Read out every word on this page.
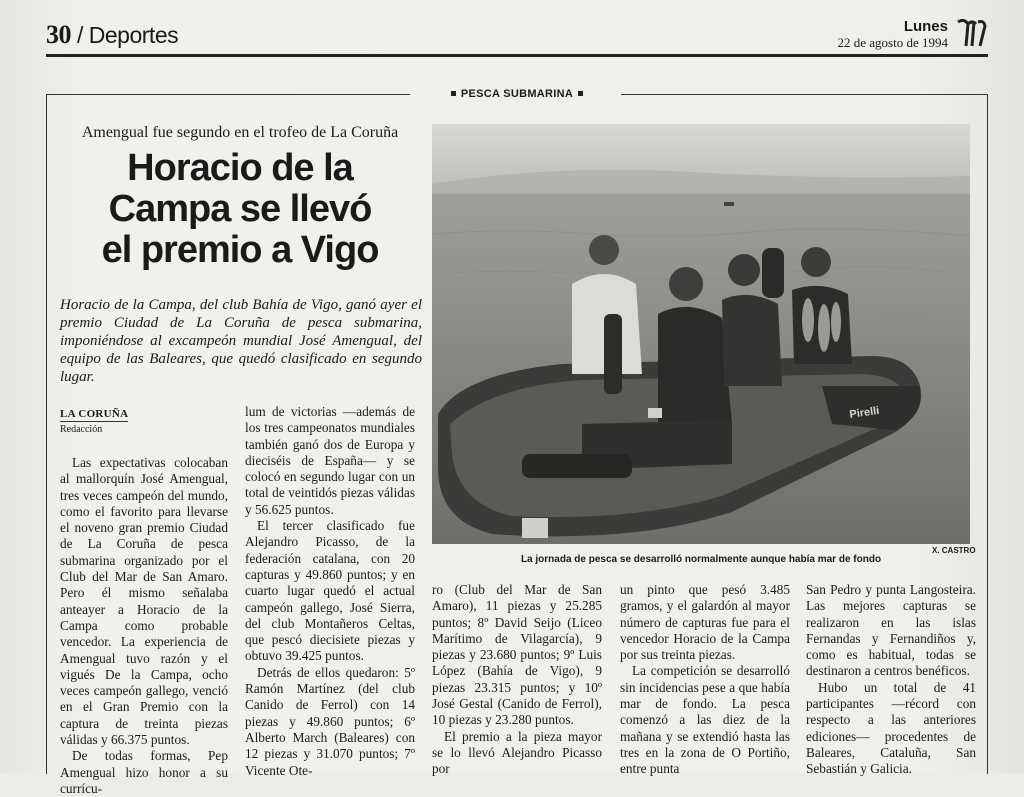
30 / Deportes	Lunes
22 de agosto de 1994
PESCA SUBMARINA
Amengual fue segundo en el trofeo de La Coruña
Horacio de la
Campa se llevó
el premio a Vigo
Horacio de la Campa, del club Bahía de Vigo, ganó ayer el premio Ciudad de La Coruña de pesca submarina, imponiéndose al excampeón mundial José Amengual, del equipo de las Baleares, que quedó clasificado en segundo lugar.
LA CORUÑA
Redacción

Las expectativas colocaban al mallorquín José Amengual, tres veces campeón del mundo, como el favorito para llevarse el noveno gran premio Ciudad de La Coruña de pesca submarina organizado por el Club del Mar de San Amaro. Pero él mismo señalaba anteayer a Horacio de la Campa como probable vencedor. La experiencia de Amengual tuvo razón y el vigués De la Campa, ocho veces campeón gallego, venció en el Gran Premio con la captura de treinta piezas válidas y 66.375 puntos.

De todas formas, Pep Amengual hizo honor a su currícu-

lum de victorias —además de los tres campeonatos mundiales también ganó dos de Europa y dieciséis de España— y se colocó en segundo lugar con un total de veintidós piezas válidas y 56.625 puntos.

El tercer clasificado fue Alejandro Picasso, de la federación catalana, con 20 capturas y 49.860 puntos; y en cuarto lugar quedó el actual campeón gallego, José Sierra, del club Montañeros Celtas, que pescó diecisiete piezas y obtuvo 39.425 puntos.

Detrás de ellos quedaron: 5º Ramón Martínez (del club Canido de Ferrol) con 14 piezas y 49.860 puntos; 6º Alberto March (Baleares) con 12 piezas y 31.070 puntos; 7º Vicente Ote-

ro (Club del Mar de San Amaro), 11 piezas y 25.285 puntos; 8º David Seijo (Liceo Marítimo de Vilagarcía), 9 piezas y 23.680 puntos; 9º Luis López (Bahía de Vigo), 9 piezas 23.315 puntos; y 10º José Gestal (Canido de Ferrol), 10 piezas y 23.280 puntos.

El premio a la pieza mayor se lo llevó Alejandro Picasso por

un pinto que pesó 3.485 gramos, y el galardón al mayor número de capturas fue para el vencedor Horacio de la Campa por sus treinta piezas.

La competición se desarrolló sin incidencias pese a que había mar de fondo. La pesca comenzó a las diez de la mañana y se extendió hasta las tres en la zona de O Portiño, entre punta

San Pedro y punta Langosteira. Las mejores capturas se realizaron en las islas Fernandas y Fernandiños y, como es habitual, todas se destinaron a centros benéficos.

Hubo un total de 41 participantes —récord con respecto a las anteriores ediciones— procedentes de Baleares, Cataluña, San Sebastián y Galicia.

Pirelli
X. CASTRO
La jornada de pesca se desarrolló normalmente aunque había mar de fondo
